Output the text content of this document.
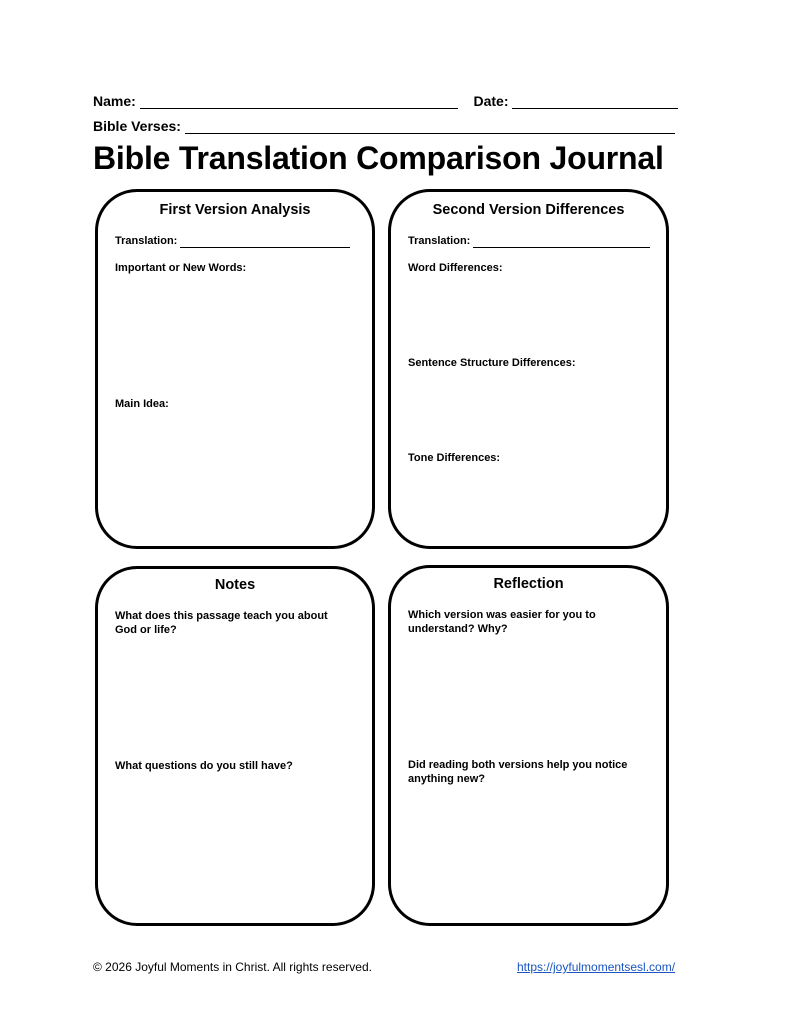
Name:	Date:
Bible Verses:
Bible Translation Comparison Journal
First Version Analysis
Translation:
Important or New Words:
Main Idea:
Second Version Differences
Translation:
Word Differences:
Sentence Structure Differences:
Tone Differences:
Notes
What does this passage teach you about
God or life?
What questions do you still have?
Reflection
Which version was easier for you to
understand? Why?
Did reading both versions help you notice
anything new?
© 2026 Joyful Moments in Christ. All rights reserved.	https://joyfulmomentsesl.com/
